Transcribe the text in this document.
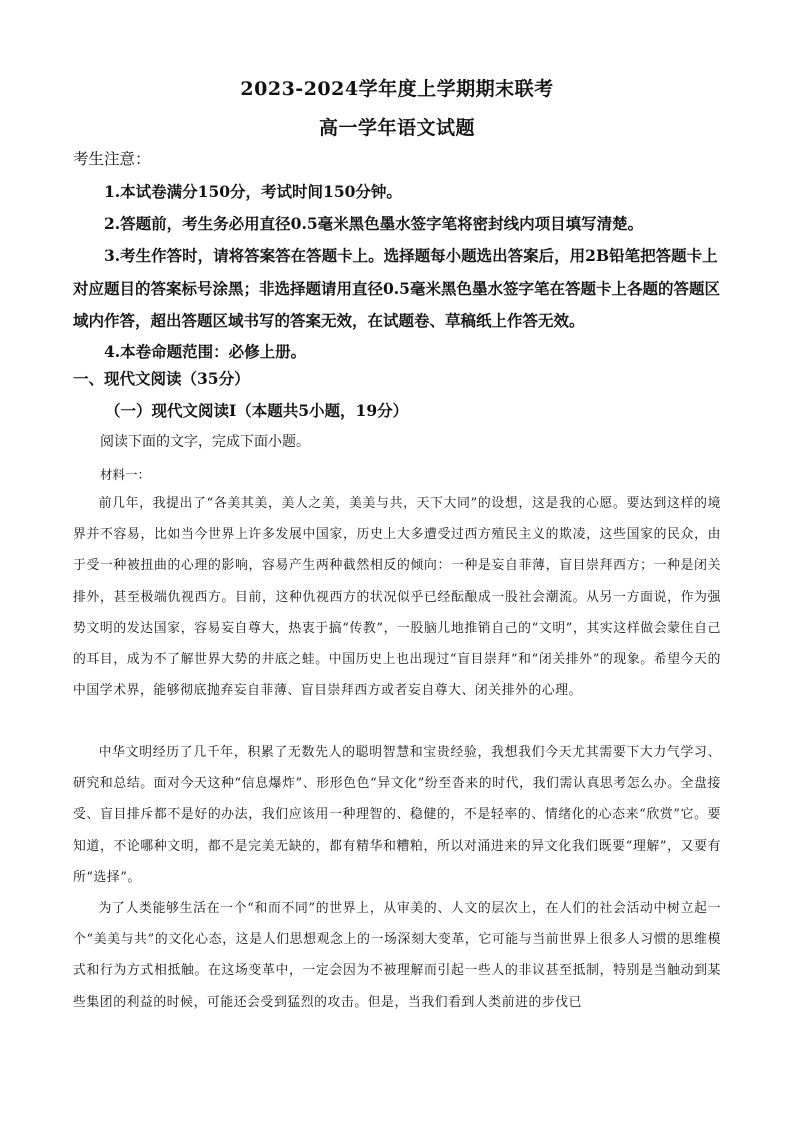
2023-2024学年度上学期期末联考
高一学年语文试题
考生注意：

1.本试卷满分150分，考试时间150分钟。

2.答题前，考生务必用直径0.5毫米黑色墨水签字笔将密封线内项目填写清楚。

3.考生作答时，请将答案答在答题卡上。选择题每小题选出答案后，用2B铅笔把答题卡上对应题目的答案标号涂黑；非选择题请用直径0.5毫米黑色墨水签字笔在答题卡上各题的答题区域内作答，超出答题区域书写的答案无效，在试题卷、草稿纸上作答无效。

4.本卷命题范围：必修上册。

一、现代文阅读（35分）
（一）现代文阅读Ⅰ（本题共5小题，19分）
阅读下面的文字，完成下面小题。
材料一：

前几年，我提出了“各美其美，美人之美，美美与共，天下大同”的设想，这是我的心愿。要达到这样的境界并不容易，比如当今世界上许多发展中国家，历史上大多遭受过西方殖民主义的欺凌，这些国家的民众，由于受一种被扭曲的心理的影响，容易产生两种截然相反的倾向：一种是妄自菲薄，盲目崇拜西方；一种是闭关排外，甚至极端仇视西方。目前，这种仇视西方的状况似乎已经酝酿成一股社会潮流。从另一方面说，作为强势文明的发达国家，容易妄自尊大，热衷于搞“传教”，一股脑儿地推销自己的“文明”，其实这样做会蒙住自己的耳目，成为不了解世界大势的井底之蛙。中国历史上也出现过“盲目崇拜”和“闭关排外”的现象。希望今天的中国学术界，能够彻底抛弃妄自菲薄、盲目崇拜西方或者妄自尊大、闭关排外的心理。

中华文明经历了几千年，积累了无数先人的聪明智慧和宝贵经验，我想我们今天尤其需要下大力气学习、研究和总结。面对今天这种“信息爆炸”、形形色色“异文化”纷至沓来的时代，我们需认真思考怎么办。全盘接受、盲目排斥都不是好的办法，我们应该用一种理智的、稳健的，不是轻率的、情绪化的心态来“欣赏”它。要知道，不论哪种文明，都不是完美无缺的，都有精华和糟粕，所以对涌进来的异文化我们既要“理解”，又要有所“选择”。

为了人类能够生活在一个“和而不同”的世界上，从审美的、人文的层次上，在人们的社会活动中树立起一个“美美与共”的文化心态，这是人们思想观念上的一场深刻大变革，它可能与当前世界上很多人习惯的思维模式和行为方式相抵触。在这场变革中，一定会因为不被理解而引起一些人的非议甚至抵制，特别是当触动到某些集团的利益的时候，可能还会受到猛烈的攻击。但是，当我们看到人类前进的步伐已
